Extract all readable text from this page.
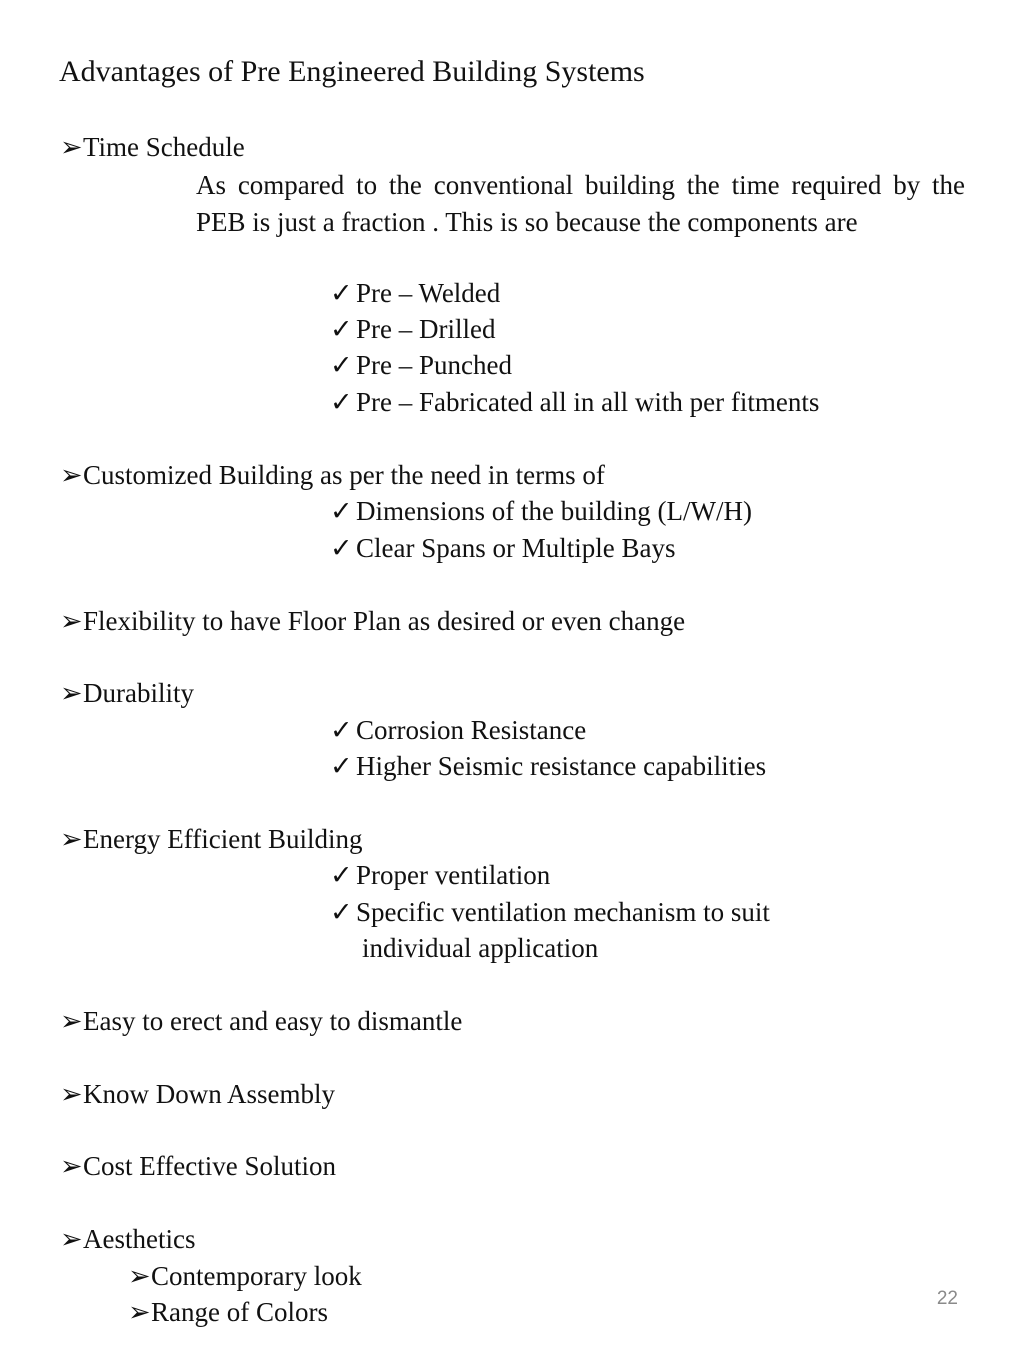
Advantages of Pre Engineered Building Systems
➢Time Schedule
As compared to the conventional building the time required by the PEB is just a fraction . This is so because the components are
✓ Pre – Welded
✓ Pre – Drilled
✓ Pre – Punched
✓ Pre – Fabricated all in all with per fitments
➢Customized Building as per the need in terms of
✓ Dimensions of the building (L/W/H)
✓ Clear Spans or Multiple Bays
➢Flexibility to have Floor Plan as desired or even change
➢Durability
✓ Corrosion Resistance
✓ Higher Seismic resistance capabilities
➢Energy Efficient Building
✓ Proper ventilation
✓ Specific ventilation mechanism to suit
individual application
➢Easy to erect and easy to dismantle
➢Know Down Assembly
➢Cost Effective Solution
➢Aesthetics
➢Contemporary look
➢Range of Colors	22
